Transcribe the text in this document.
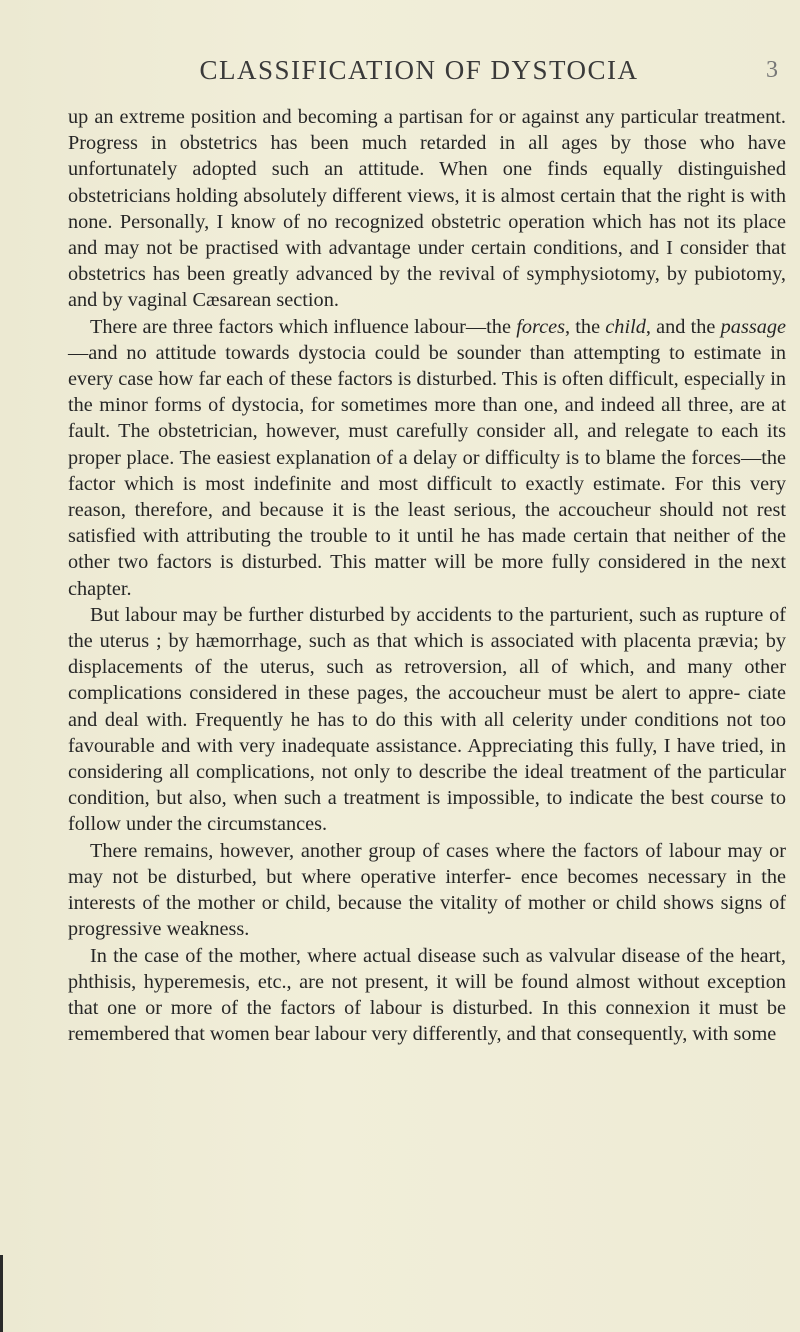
CLASSIFICATION OF DYSTOCIA	3

up an extreme position and becoming a partisan for or against any particular treatment. Progress in obstetrics has been much retarded in all ages by those who have unfortunately adopted such an attitude. When one finds equally distinguished obstetricians holding absolutely different views, it is almost certain that the right is with none. Personally, I know of no recognized obstetric operation which has not its place and may not be practised with advantage under certain conditions, and I consider that obstetrics has been greatly advanced by the revival of symphysiotomy, by pubiotomy, and by vaginal Cæsarean section.

There are three factors which influence labour—the forces, the child, and the passage—and no attitude towards dystocia could be sounder than attempting to estimate in every case how far each of these factors is disturbed. This is often difficult, especially in the minor forms of dystocia, for sometimes more than one, and indeed all three, are at fault. The obstetrician, however, must carefully consider all, and relegate to each its proper place. The easiest explanation of a delay or difficulty is to blame the forces—the factor which is most indefinite and most difficult to exactly estimate. For this very reason, therefore, and because it is the least serious, the accoucheur should not rest satisfied with attributing the trouble to it until he has made certain that neither of the other two factors is disturbed. This matter will be more fully considered in the next chapter.

But labour may be further disturbed by accidents to the parturient, such as rupture of the uterus ; by hæmorrhage, such as that which is associated with placenta prævia; by displacements of the uterus, such as retroversion, all of which, and many other complications considered in these pages, the accoucheur must be alert to appre- ciate and deal with. Frequently he has to do this with all celerity under conditions not too favourable and with very inadequate assistance. Appreciating this fully, I have tried, in considering all complications, not only to describe the ideal treatment of the particular condition, but also, when such a treatment is impossible, to indicate the best course to follow under the circumstances.

There remains, however, another group of cases where the factors of labour may or may not be disturbed, but where operative interfer- ence becomes necessary in the interests of the mother or child, because the vitality of mother or child shows signs of progressive weakness.

In the case of the mother, where actual disease such as valvular disease of the heart, phthisis, hyperemesis, etc., are not present, it will be found almost without exception that one or more of the factors of labour is disturbed. In this connexion it must be remembered that women bear labour very differently, and that consequently, with some
